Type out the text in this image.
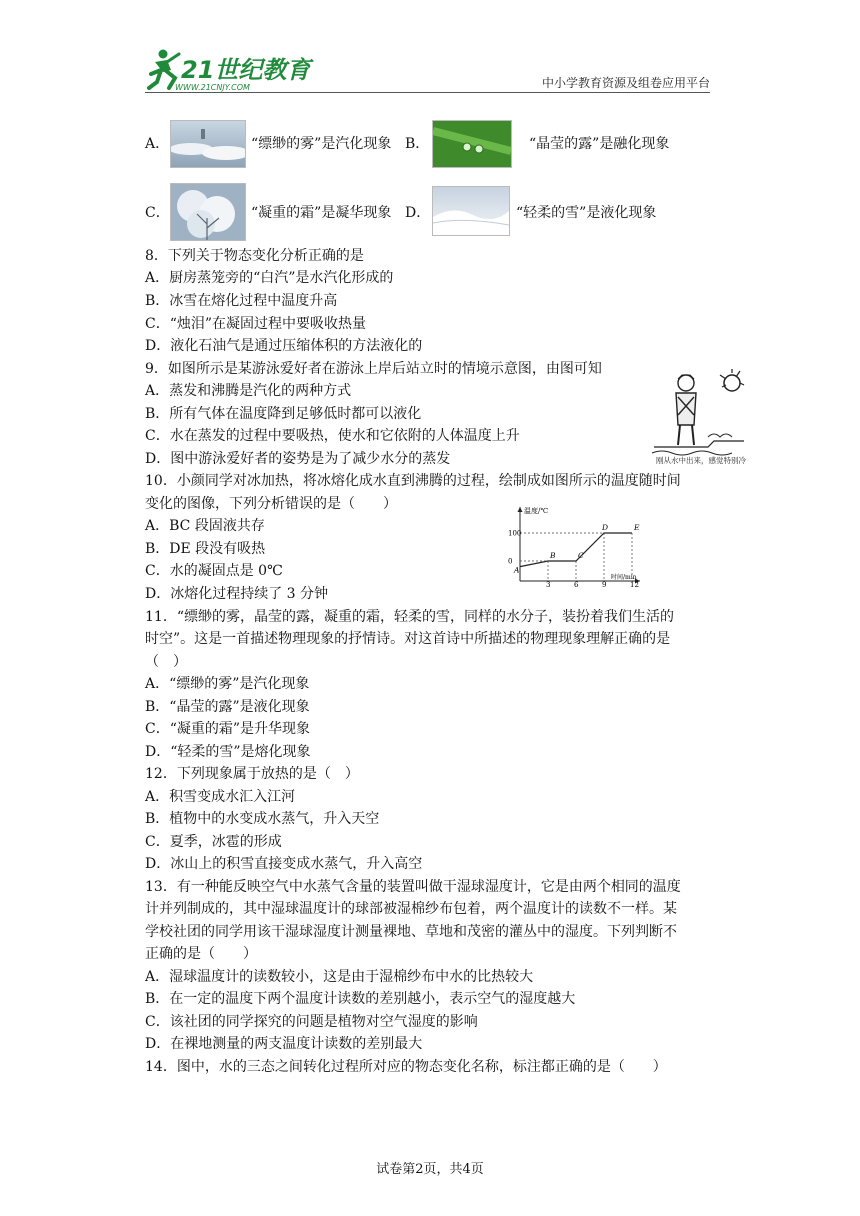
21世纪教育
WWW.21CNJY.COM	中小学教育资源及组卷应用平台
A．	“缥缈的雾”是汽化现象 B．	“晶莹的露”是融化现象
C．	“凝重的霜”是凝华现象 D．	“轻柔的雪”是液化现象
8．下列关于物态变化分析正确的是
A．厨房蒸笼旁的“白汽”是水汽化形成的
B．冰雪在熔化过程中温度升高
C．“烛泪”在凝固过程中要吸收热量
D．液化石油气是通过压缩体积的方法液化的
9．如图所示是某游泳爱好者在游泳上岸后站立时的情境示意图，由图可知
A．蒸发和沸腾是汽化的两种方式
B．所有气体在温度降到足够低时都可以液化
C．水在蒸发的过程中要吸热，使水和它依附的人体温度上升
D．图中游泳爱好者的姿势是为了减少水分的蒸发
10．小颜同学对冰加热，将冰熔化成水直到沸腾的过程，绘制成如图所示的温度随时间
变化的图像，下列分析错误的是（　　）
A．BC 段固液共存
B．DE 段没有吸热
C．水的凝固点是 0℃
D．冰熔化过程持续了 3 分钟
11．“缥缈的雾，晶莹的露，凝重的霜，轻柔的雪，同样的水分子，装扮着我们生活的
时空”。这是一首描述物理现象的抒情诗。对这首诗中所描述的物理现象理解正确的是
（　）
A．“缥缈的雾”是汽化现象
B．“晶莹的露”是液化现象
C．“凝重的霜”是升华现象
D．“轻柔的雪”是熔化现象
12．下列现象属于放热的是（　）
A．积雪变成水汇入江河
B．植物中的水变成水蒸气，升入天空
C．夏季，冰雹的形成
D．冰山上的积雪直接变成水蒸气，升入高空
13．有一种能反映空气中水蒸气含量的装置叫做干湿球湿度计，它是由两个相同的温度
计并列制成的，其中湿球温度计的球部被湿棉纱布包着，两个温度计的读数不一样。某
学校社团的同学用该干湿球湿度计测量裸地、草地和茂密的灌丛中的湿度。下列判断不
正确的是（　　）
A．湿球温度计的读数较小，这是由于湿棉纱布中水的比热较大
B．在一定的温度下两个温度计读数的差别越小，表示空气的湿度越大
C．该社团的同学探究的问题是植物对空气湿度的影响
D．在裸地测量的两支温度计读数的差别最大
14．图中，水的三态之间转化过程所对应的物态变化名称，标注都正确的是（　　）
刚从水中出来，感觉特别冷
温度/℃
时间/min
100
0
3	6	9	12
A
B	C
D	E
试卷第2页，共4页
